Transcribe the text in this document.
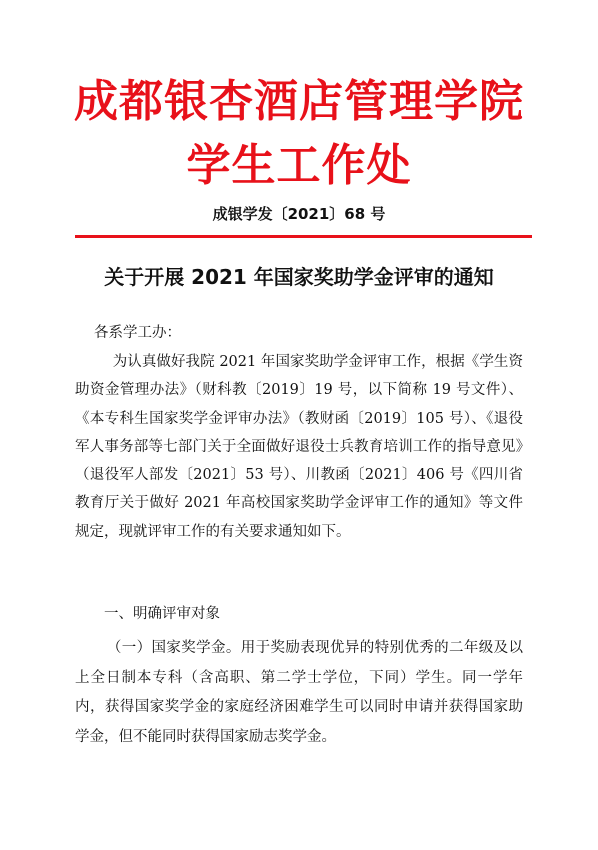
成都银杏酒店管理学院
学生工作处
成银学发〔2021〕68 号
关于开展 2021 年国家奖助学金评审的通知
各系学工办：

为认真做好我院 2021 年国家奖助学金评审工作，根据《学生资助资金管理办法》（财科教〔2019〕19 号，以下简称 19 号文件）、《本专科生国家奖学金评审办法》（教财函〔2019〕105 号）、《退役军人事务部等七部门关于全面做好退役士兵教育培训工作的指导意见》（退役军人部发〔2021〕53 号）、川教函〔2021〕406 号《四川省教育厅关于做好 2021 年高校国家奖助学金评审工作的通知》等文件规定，现就评审工作的有关要求通知如下。

一、明确评审对象

（一）国家奖学金。用于奖励表现优异的特别优秀的二年级及以上全日制本专科（含高职、第二学士学位，下同）学生。同一学年内，获得国家奖学金的家庭经济困难学生可以同时申请并获得国家助学金，但不能同时获得国家励志奖学金。
